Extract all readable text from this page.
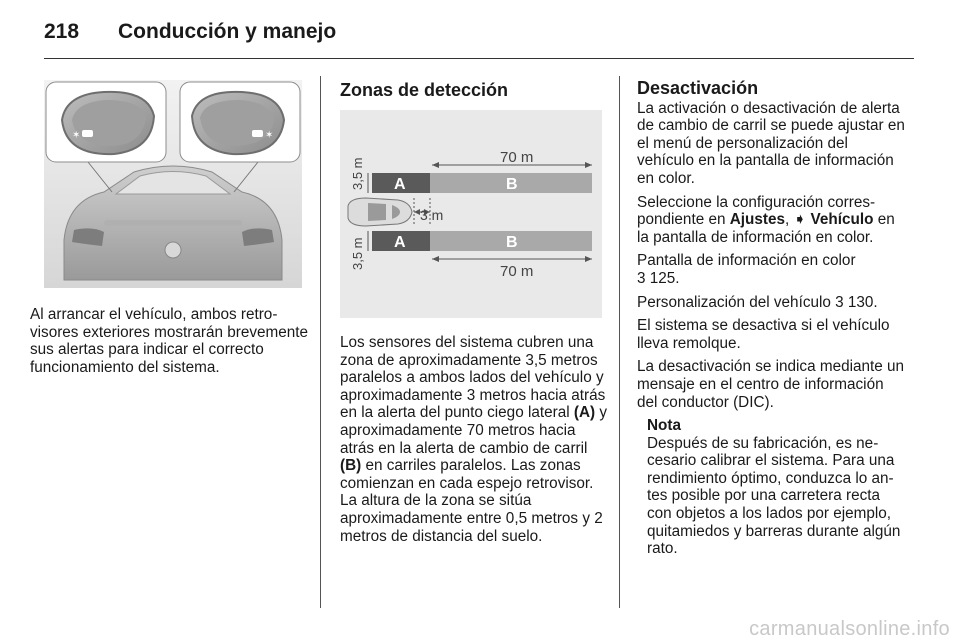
218 Conducción y manejo
✶	✶

Al arrancar el vehículo, ambos retrovisores exteriores mostrarán brevemente sus alertas para indicar el correcto funcionamiento del sistema.

Zonas de detección
70 m
A	B
3,5 m
3 m
A	B
3,5 m
70 m

Los sensores del sistema cubren una zona de aproximadamente 3,5 metros paralelos a ambos lados del vehículo y aproximadamente 3 metros hacia atrás en la alerta del punto ciego lateral (A) y aproximadamente 70 metros hacia atrás en la alerta de cambio de carril (B) en carriles paralelos. Las zonas comienzan en cada espejo retrovisor. La altura de la zona se sitúa aproximadamente entre 0,5 metros y 2 metros de distancia del suelo.

Desactivación

La activación o desactivación de alerta de cambio de carril se puede ajustar en el menú de personalización del vehículo en la pantalla de información en color.

Seleccione la configuración correspondiente en Ajustes, ➧ Vehículo en la pantalla de información en color.

Pantalla de información en color
3 125.

Personalización del vehículo 3 130.

El sistema se desactiva si el vehículo lleva remolque.

La desactivación se indica mediante un mensaje en el centro de información del conductor (DIC).

Nota
Después de su fabricación, es necesario calibrar el sistema. Para una rendimiento óptimo, conduzca lo antes posible por una carretera recta con objetos a los lados por ejemplo, quitamiedos y barreras durante algún rato.
carmanualsonline.info
